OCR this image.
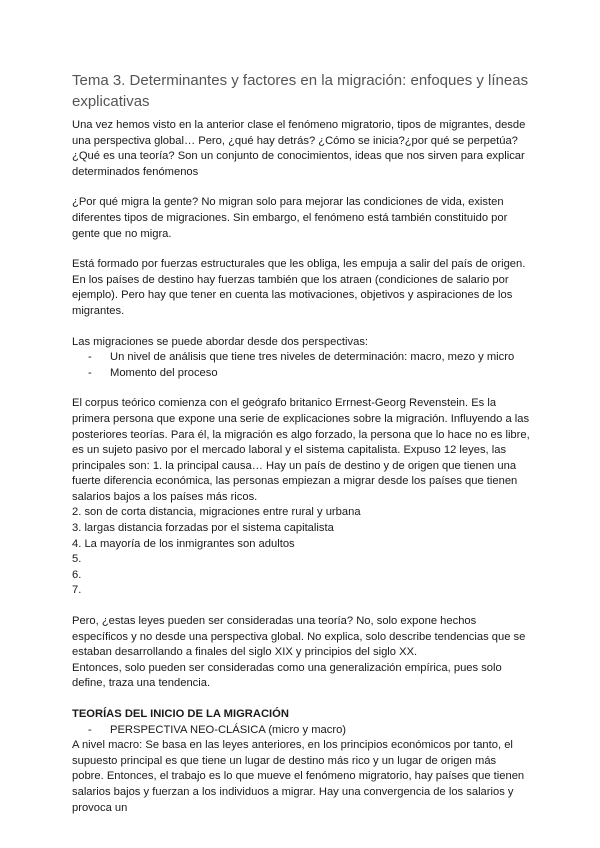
Tema 3. Determinantes y factores en la migración: enfoques y líneas explicativas

Una vez hemos visto en la anterior clase el fenómeno migratorio, tipos de migrantes, desde una perspectiva global… Pero, ¿qué hay detrás? ¿Cómo se inicia?¿por qué se perpetúa? ¿Qué es una teoría? Son un conjunto de conocimientos, ideas que nos sirven para explicar determinados fenómenos

¿Por qué migra la gente? No migran solo para mejorar las condiciones de vida, existen diferentes tipos de migraciones. Sin embargo, el fenómeno está también constituido por gente que no migra.

Está formado por fuerzas estructurales que les obliga, les empuja a salir del país de origen. En los países de destino hay fuerzas también que los atraen (condiciones de salario por ejemplo). Pero hay que tener en cuenta las motivaciones, objetivos y aspiraciones de los migrantes.

Las migraciones se puede abordar desde dos perspectivas:

- Un nivel de análisis que tiene tres niveles de determinación: macro, mezo y micro
- Momento del proceso

El corpus teórico comienza con el geógrafo britanico Errnest-Georg Revenstein. Es la primera persona que expone una serie de explicaciones sobre la migración. Influyendo a las posteriores teorías. Para él, la migración es algo forzado, la persona que lo hace no es libre, es un sujeto pasivo por el mercado laboral y el sistema capitalista. Expuso 12 leyes, las principales son: 1. la principal causa… Hay un país de destino y de origen que tienen una fuerte diferencia económica, las personas empiezan a migrar desde los países que tienen salarios bajos a los países más ricos.

2. son de corta distancia, migraciones entre rural y urbana
3. largas distancia forzadas por el sistema capitalista
4. La mayoría de los inmigrantes son adultos
5.
6.
7.

Pero, ¿estas leyes pueden ser consideradas una teoría? No, solo expone hechos específicos y no desde una perspectiva global. No explica, solo describe tendencias que se estaban desarrollando a finales del siglo XIX y principios del siglo XX.

Entonces, solo pueden ser consideradas como una generalización empírica, pues solo define, traza una tendencia.

TEORÍAS DEL INICIO DE LA MIGRACIÓN

- PERSPECTIVA NEO-CLÁSICA (micro y macro)

A nivel macro: Se basa en las leyes anteriores, en los principios económicos por tanto, el supuesto principal es que tiene un lugar de destino más rico y un lugar de origen más pobre. Entonces, el trabajo es lo que mueve el fenómeno migratorio, hay países que tienen salarios bajos y fuerzan a los individuos a migrar. Hay una convergencia de los salarios y provoca un
